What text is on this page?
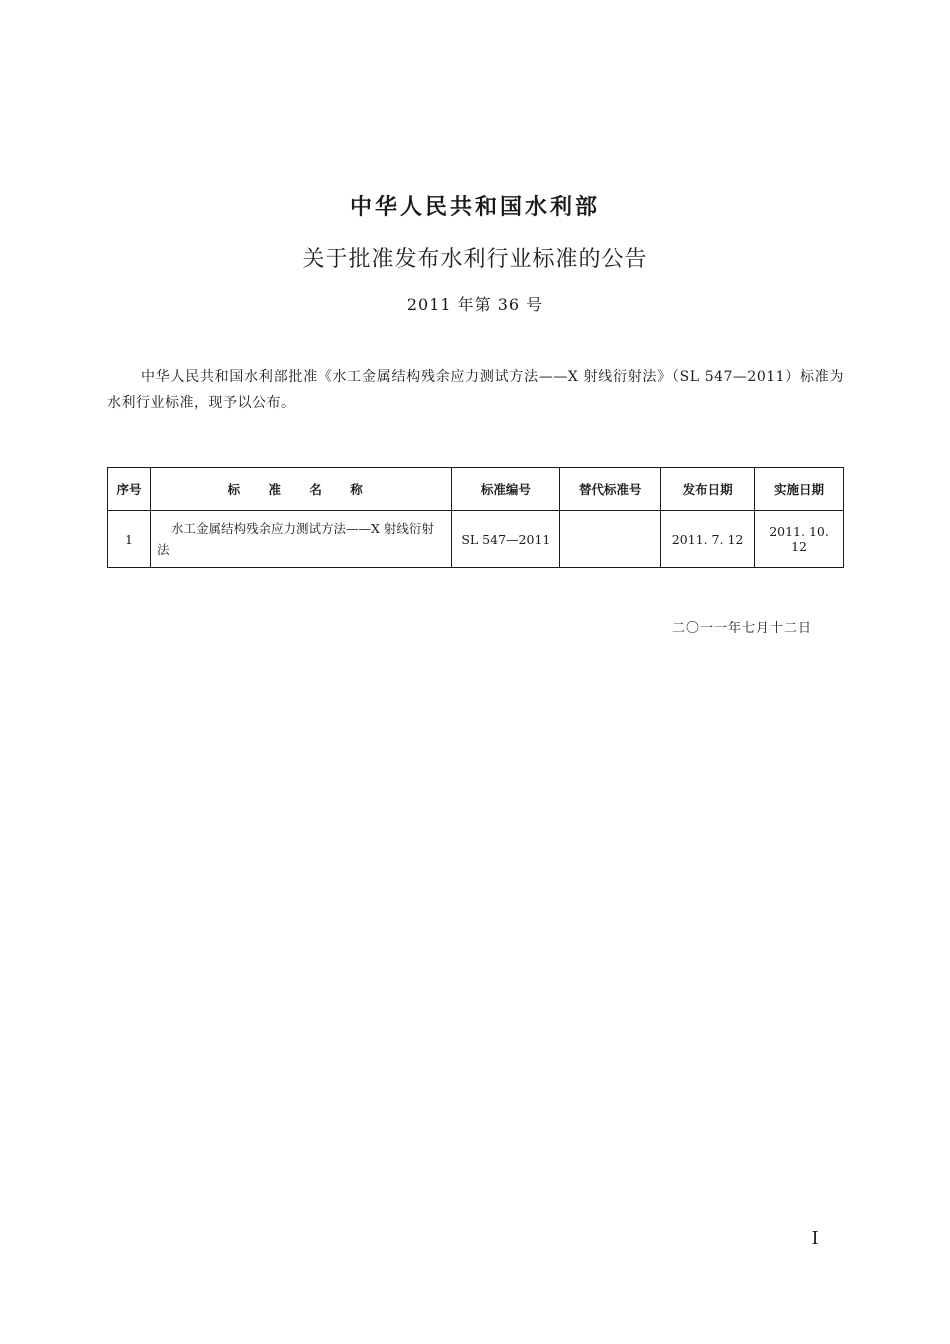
中华人民共和国水利部
关于批准发布水利行业标准的公告
2011 年第 36 号

中华人民共和国水利部批准《水工金属结构残余应力测试方法——X 射线衍射法》（SL 547—2011）标准为水利行业标准，现予以公布。

序号	标 准 名 称	标准编号	替代标准号	发布日期	实施日期
1	水工金属结构残余应力测试方法——X 射线衍射法	SL 547—2011		2011. 7. 12	2011. 10. 12
二〇一一年七月十二日
I
